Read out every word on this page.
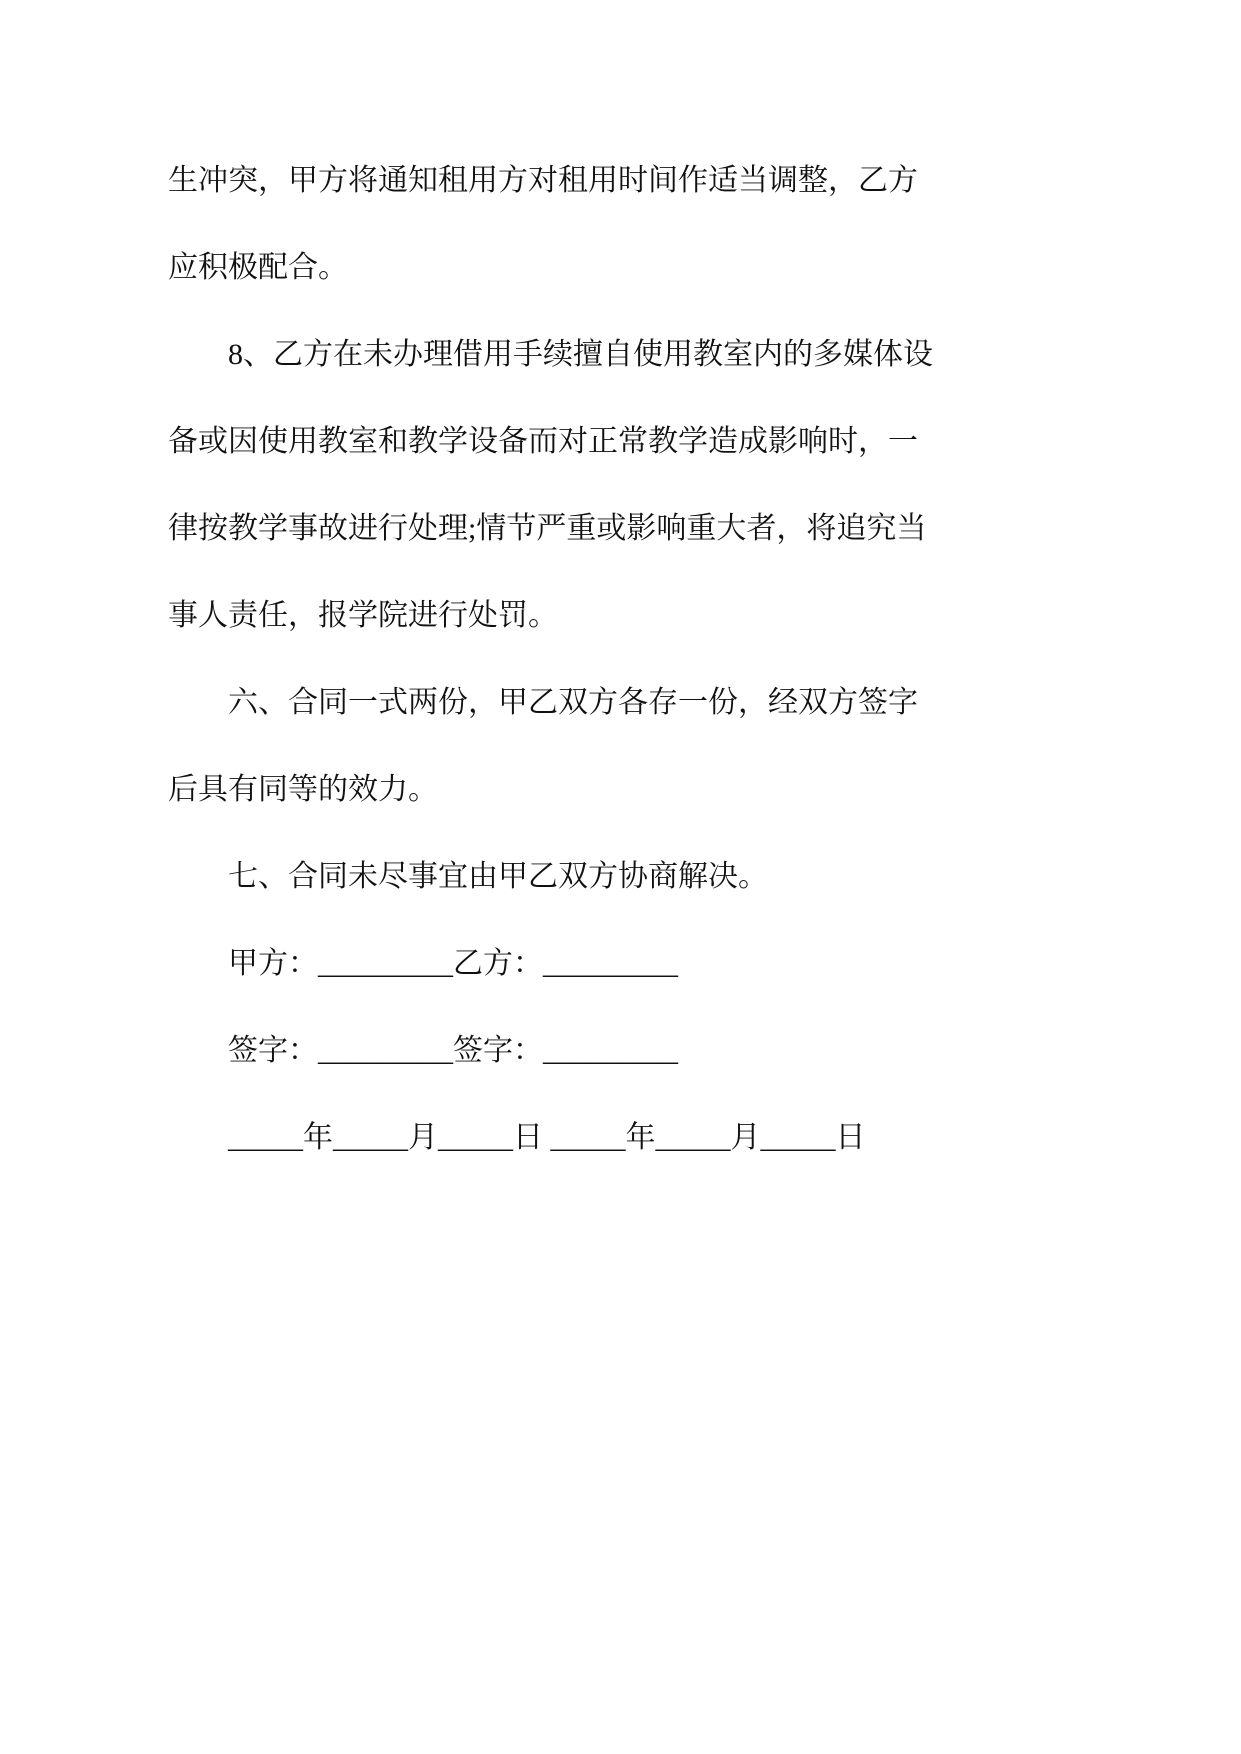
生冲突，甲方将通知租用方对租用时间作适当调整，乙方
应积极配合。
8、乙方在未办理借用手续擅自使用教室内的多媒体设
备或因使用教室和教学设备而对正常教学造成影响时，一
律按教学事故进行处理;情节严重或影响重大者，将追究当
事人责任，报学院进行处罚。
六、合同一式两份，甲乙双方各存一份，经双方签字
后具有同等的效力。
七、合同未尽事宜由甲乙双方协商解决。
甲方：_________乙方：_________
签字：_________签字：_________
_____年_____月_____日 _____年_____月_____日
